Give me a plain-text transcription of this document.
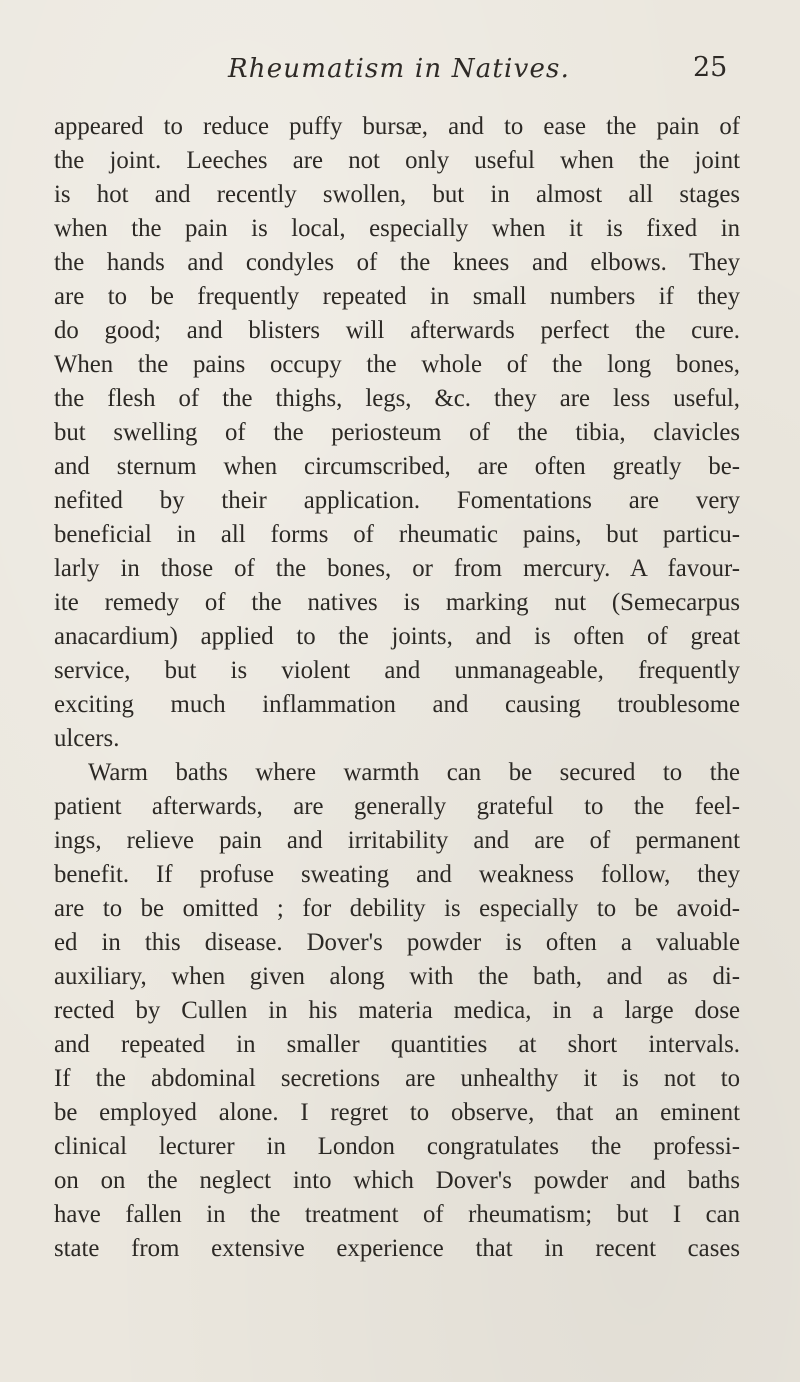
Rheumatism in Natives.	25
appeared to reduce puffy bursæ, and to ease the pain of
the joint. Leeches are not only useful when the joint
is hot and recently swollen, but in almost all stages
when the pain is local, especially when it is fixed in
the hands and condyles of the knees and elbows. They
are to be frequently repeated in small numbers if they
do good; and blisters will afterwards perfect the cure.
When the pains occupy the whole of the long bones,
the flesh of the thighs, legs, &c. they are less useful,
but swelling of the periosteum of the tibia, clavicles
and sternum when circumscribed, are often greatly be-
nefited by their application. Fomentations are very
beneficial in all forms of rheumatic pains, but particu-
larly in those of the bones, or from mercury. A favour-
ite remedy of the natives is marking nut (Semecarpus
anacardium) applied to the joints, and is often of great
service, but is violent and unmanageable, frequently
exciting much inflammation and causing troublesome
ulcers.
Warm baths where warmth can be secured to the
patient afterwards, are generally grateful to the feel-
ings, relieve pain and irritability and are of permanent
benefit. If profuse sweating and weakness follow, they
are to be omitted ; for debility is especially to be avoid-
ed in this disease. Dover's powder is often a valuable
auxiliary, when given along with the bath, and as di-
rected by Cullen in his materia medica, in a large dose
and repeated in smaller quantities at short intervals.
If the abdominal secretions are unhealthy it is not to
be employed alone. I regret to observe, that an eminent
clinical lecturer in London congratulates the professi-
on on the neglect into which Dover's powder and baths
have fallen in the treatment of rheumatism; but I can
state from extensive experience that in recent cases
